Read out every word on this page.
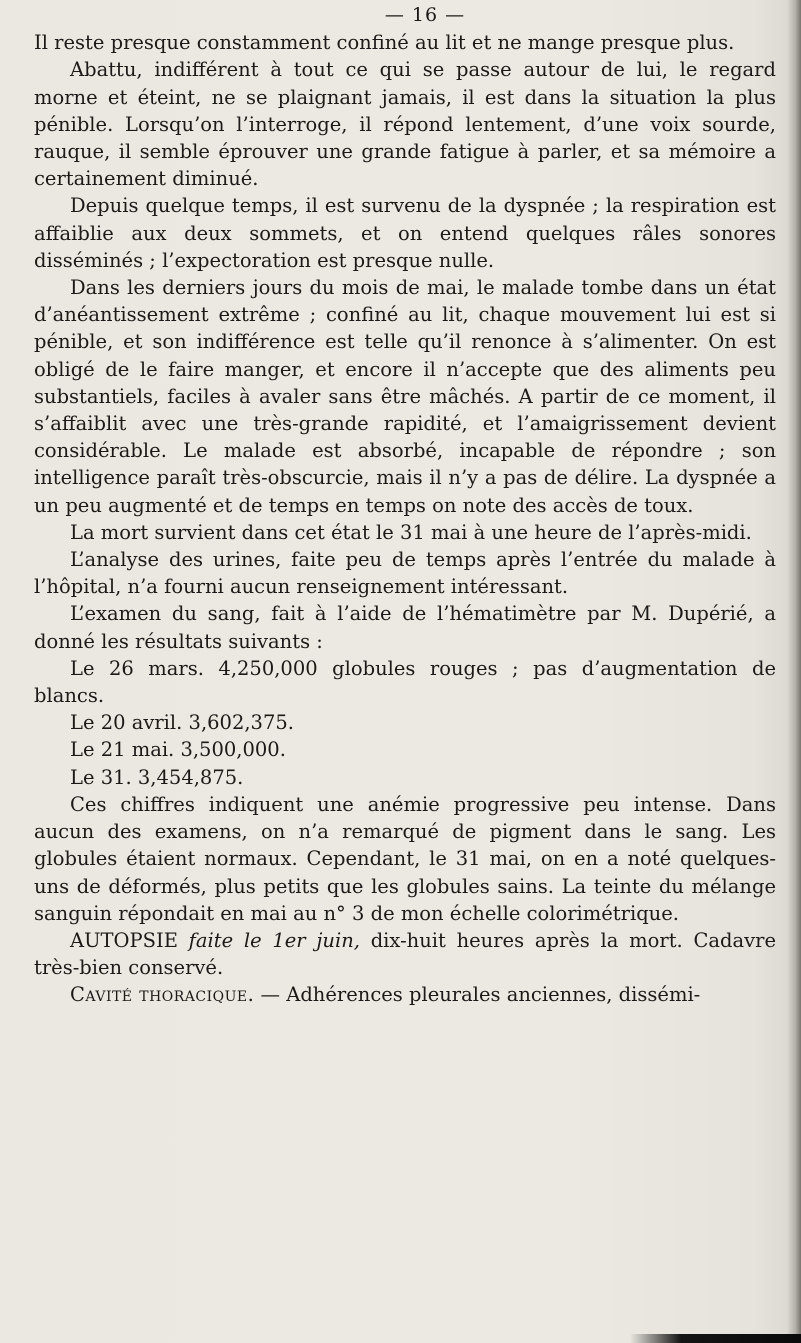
— 16 —

Il reste presque constamment confiné au lit et ne mange presque plus.

Abattu, indifférent à tout ce qui se passe autour de lui, le regard morne et éteint, ne se plaignant jamais, il est dans la situation la plus pénible. Lorsqu’on l’interroge, il répond lentement, d’une voix sourde, rauque, il semble éprouver une grande fatigue à parler, et sa mémoire a certainement diminué.

Depuis quelque temps, il est survenu de la dyspnée ; la respiration est affaiblie aux deux sommets, et on entend quelques râles sonores disséminés ; l’expectoration est presque nulle.

Dans les derniers jours du mois de mai, le malade tombe dans un état d’anéantissement extrême ; confiné au lit, chaque mouvement lui est si pénible, et son indifférence est telle qu’il renonce à s’alimenter. On est obligé de le faire manger, et encore il n’accepte que des aliments peu substantiels, faciles à avaler sans être mâchés. A partir de ce moment, il s’affaiblit avec une très-grande rapidité, et l’amaigrissement devient considérable. Le malade est absorbé, incapable de répondre ; son intelligence paraît très-obscurcie, mais il n’y a pas de délire. La dyspnée a un peu augmenté et de temps en temps on note des accès de toux.

La mort survient dans cet état le 31 mai à une heure de l’après-midi.

L’analyse des urines, faite peu de temps après l’entrée du malade à l’hôpital, n’a fourni aucun renseignement intéressant.

L’examen du sang, fait à l’aide de l’hématimètre par M. Dupérié, a donné les résultats suivants :

Le 26 mars. 4,250,000 globules rouges ; pas d’augmentation de blancs.

Le 20 avril. 3,602,375.

Le 21 mai. 3,500,000.

Le 31. 3,454,875.

Ces chiffres indiquent une anémie progressive peu intense. Dans aucun des examens, on n’a remarqué de pigment dans le sang. Les globules étaient normaux. Cependant, le 31 mai, on en a noté quelques-uns de déformés, plus petits que les globules sains. La teinte du mélange sanguin répondait en mai au n° 3 de mon échelle colorimétrique.

AUTOPSIE faite le 1er juin, dix-huit heures après la mort. Cadavre très-bien conservé.

Cavité thoracique. — Adhérences pleurales anciennes, dissémi-
